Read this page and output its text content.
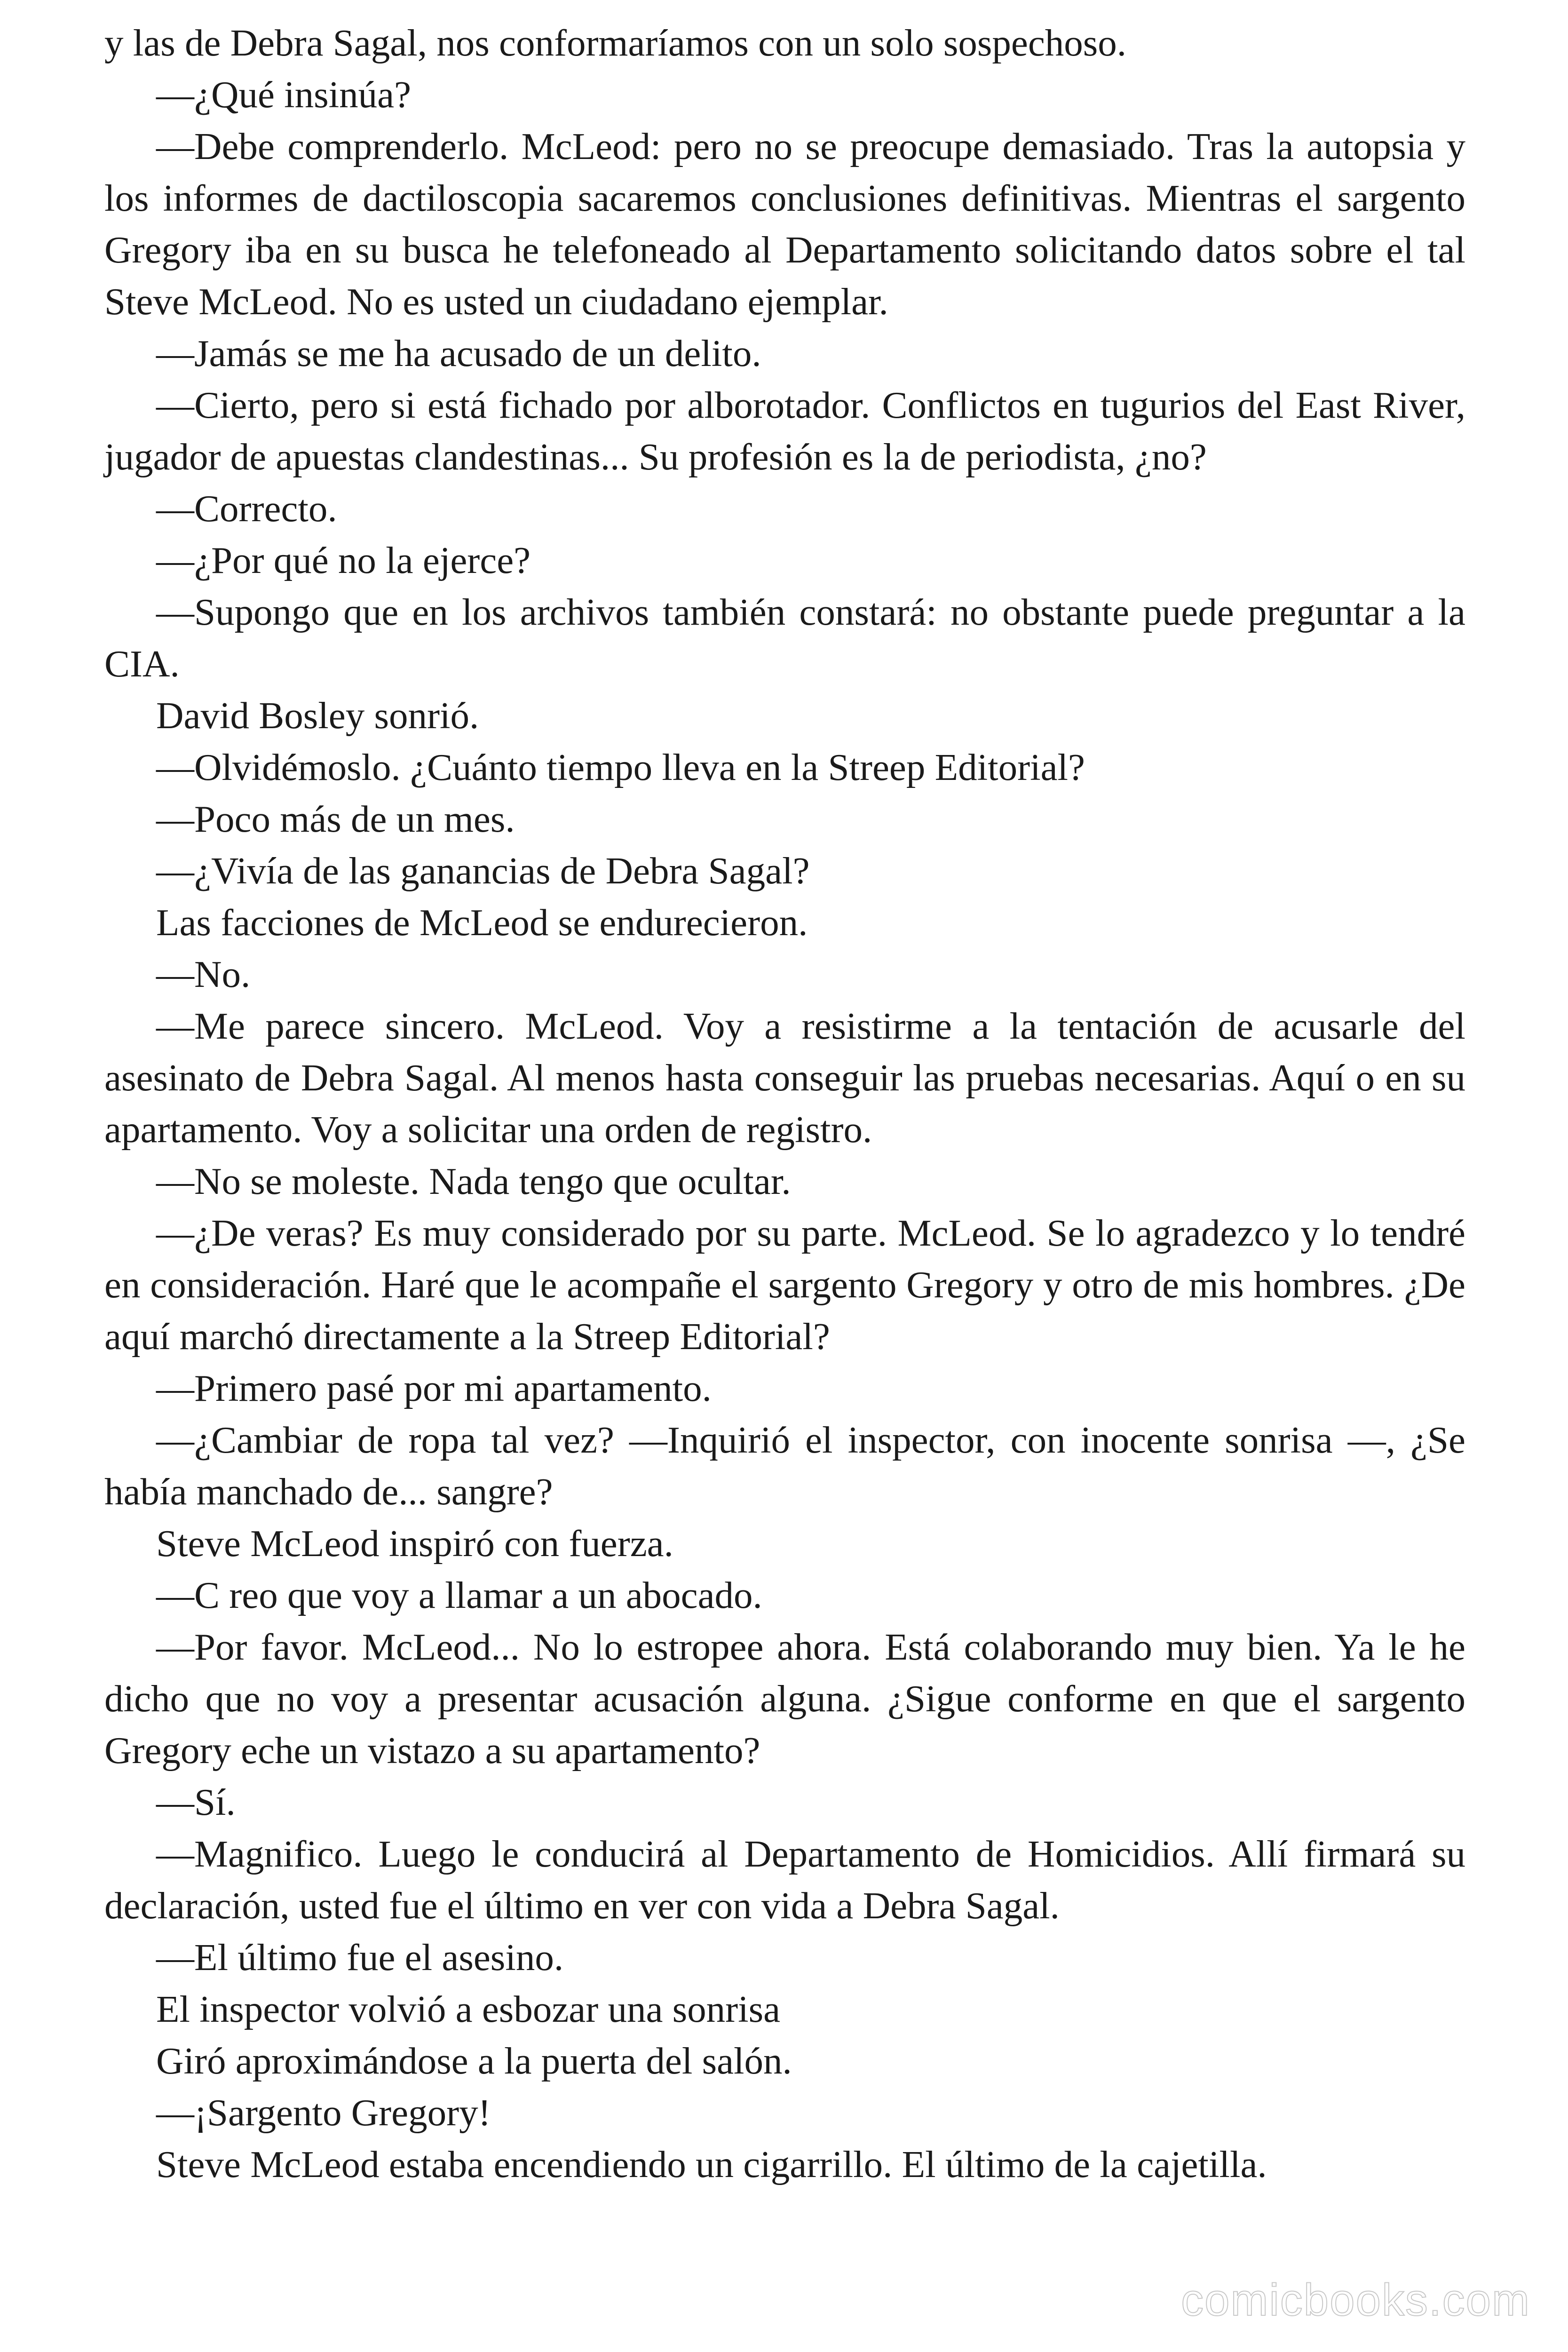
y las de Debra Sagal, nos conformaríamos con un solo sospechoso.

—¿Qué insinúa?

—Debe comprenderlo. McLeod: pero no se preocupe demasiado. Tras la autopsia y los informes de dactiloscopia sacaremos conclusiones definitivas. Mientras el sargento Gregory iba en su busca he telefoneado al Departamento solicitando datos sobre el tal Steve McLeod. No es usted un ciudadano ejemplar.

—Jamás se me ha acusado de un delito.

—Cierto, pero si está fichado por alborotador. Conflictos en tugurios del East River, jugador de apuestas clandestinas... Su profesión es la de periodista, ¿no?

—Correcto.

—¿Por qué no la ejerce?

—Supongo que en los archivos también constará: no obstante puede preguntar a la CIA.

David Bosley sonrió.

—Olvidémoslo. ¿Cuánto tiempo lleva en la Streep Editorial?

—Poco más de un mes.

—¿Vivía de las ganancias de Debra Sagal?

Las facciones de McLeod se endurecieron.

—No.

—Me parece sincero. McLeod. Voy a resistirme a la tentación de acusarle del asesinato de Debra Sagal. Al menos hasta conseguir las pruebas necesarias. Aquí o en su apartamento. Voy a solicitar una orden de registro.

—No se moleste. Nada tengo que ocultar.

—¿De veras? Es muy considerado por su parte. McLeod. Se lo agradezco y lo tendré en consideración. Haré que le acompañe el sargento Gregory y otro de mis hombres. ¿De aquí marchó directamente a la Streep Editorial?

—Primero pasé por mi apartamento.

—¿Cambiar de ropa tal vez? —Inquirió el inspector, con inocente sonrisa —, ¿Se había manchado de... sangre?

Steve McLeod inspiró con fuerza.

—C reo que voy a llamar a un abocado.

—Por favor. McLeod... No lo estropee ahora. Está colaborando muy bien. Ya le he dicho que no voy a presentar acusación alguna. ¿Sigue conforme en que el sargento Gregory eche un vistazo a su apartamento?

—Sí.

—Magnifico. Luego le conducirá al Departamento de Homicidios. Allí firmará su declaración, usted fue el último en ver con vida a Debra Sagal.

—El último fue el asesino.

El inspector volvió a esbozar una sonrisa

Giró aproximándose a la puerta del salón.

—¡Sargento Gregory!

Steve McLeod estaba encendiendo un cigarrillo. El último de la cajetilla.

comicbooks.com
